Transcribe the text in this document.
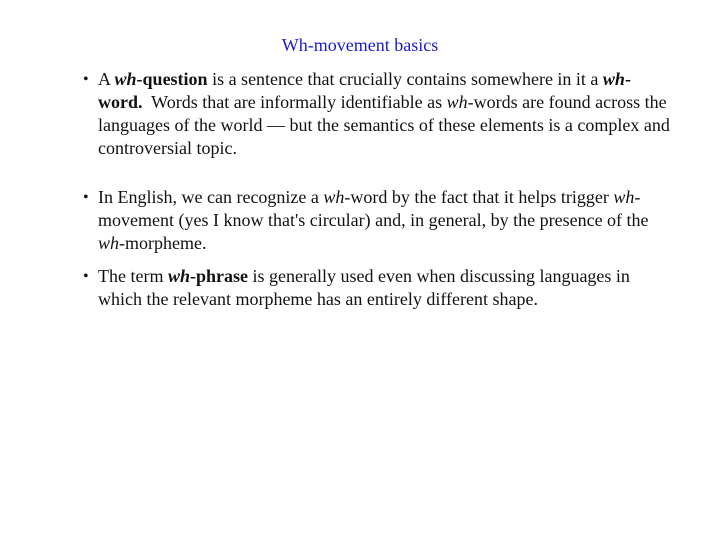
Wh-movement basics
• A wh-question is a sentence that crucially contains somewhere in it a wh-word.  Words that are informally identifiable as wh-words are found across the languages of the world — but the semantics of these elements is a complex and controversial topic.
• In English, we can recognize a wh-word by the fact that it helps trigger wh-movement (yes I know that's circular) and, in general, by the presence of the wh-morpheme.
• The term wh-phrase is generally used even when discussing languages in which the relevant morpheme has an entirely different shape.
